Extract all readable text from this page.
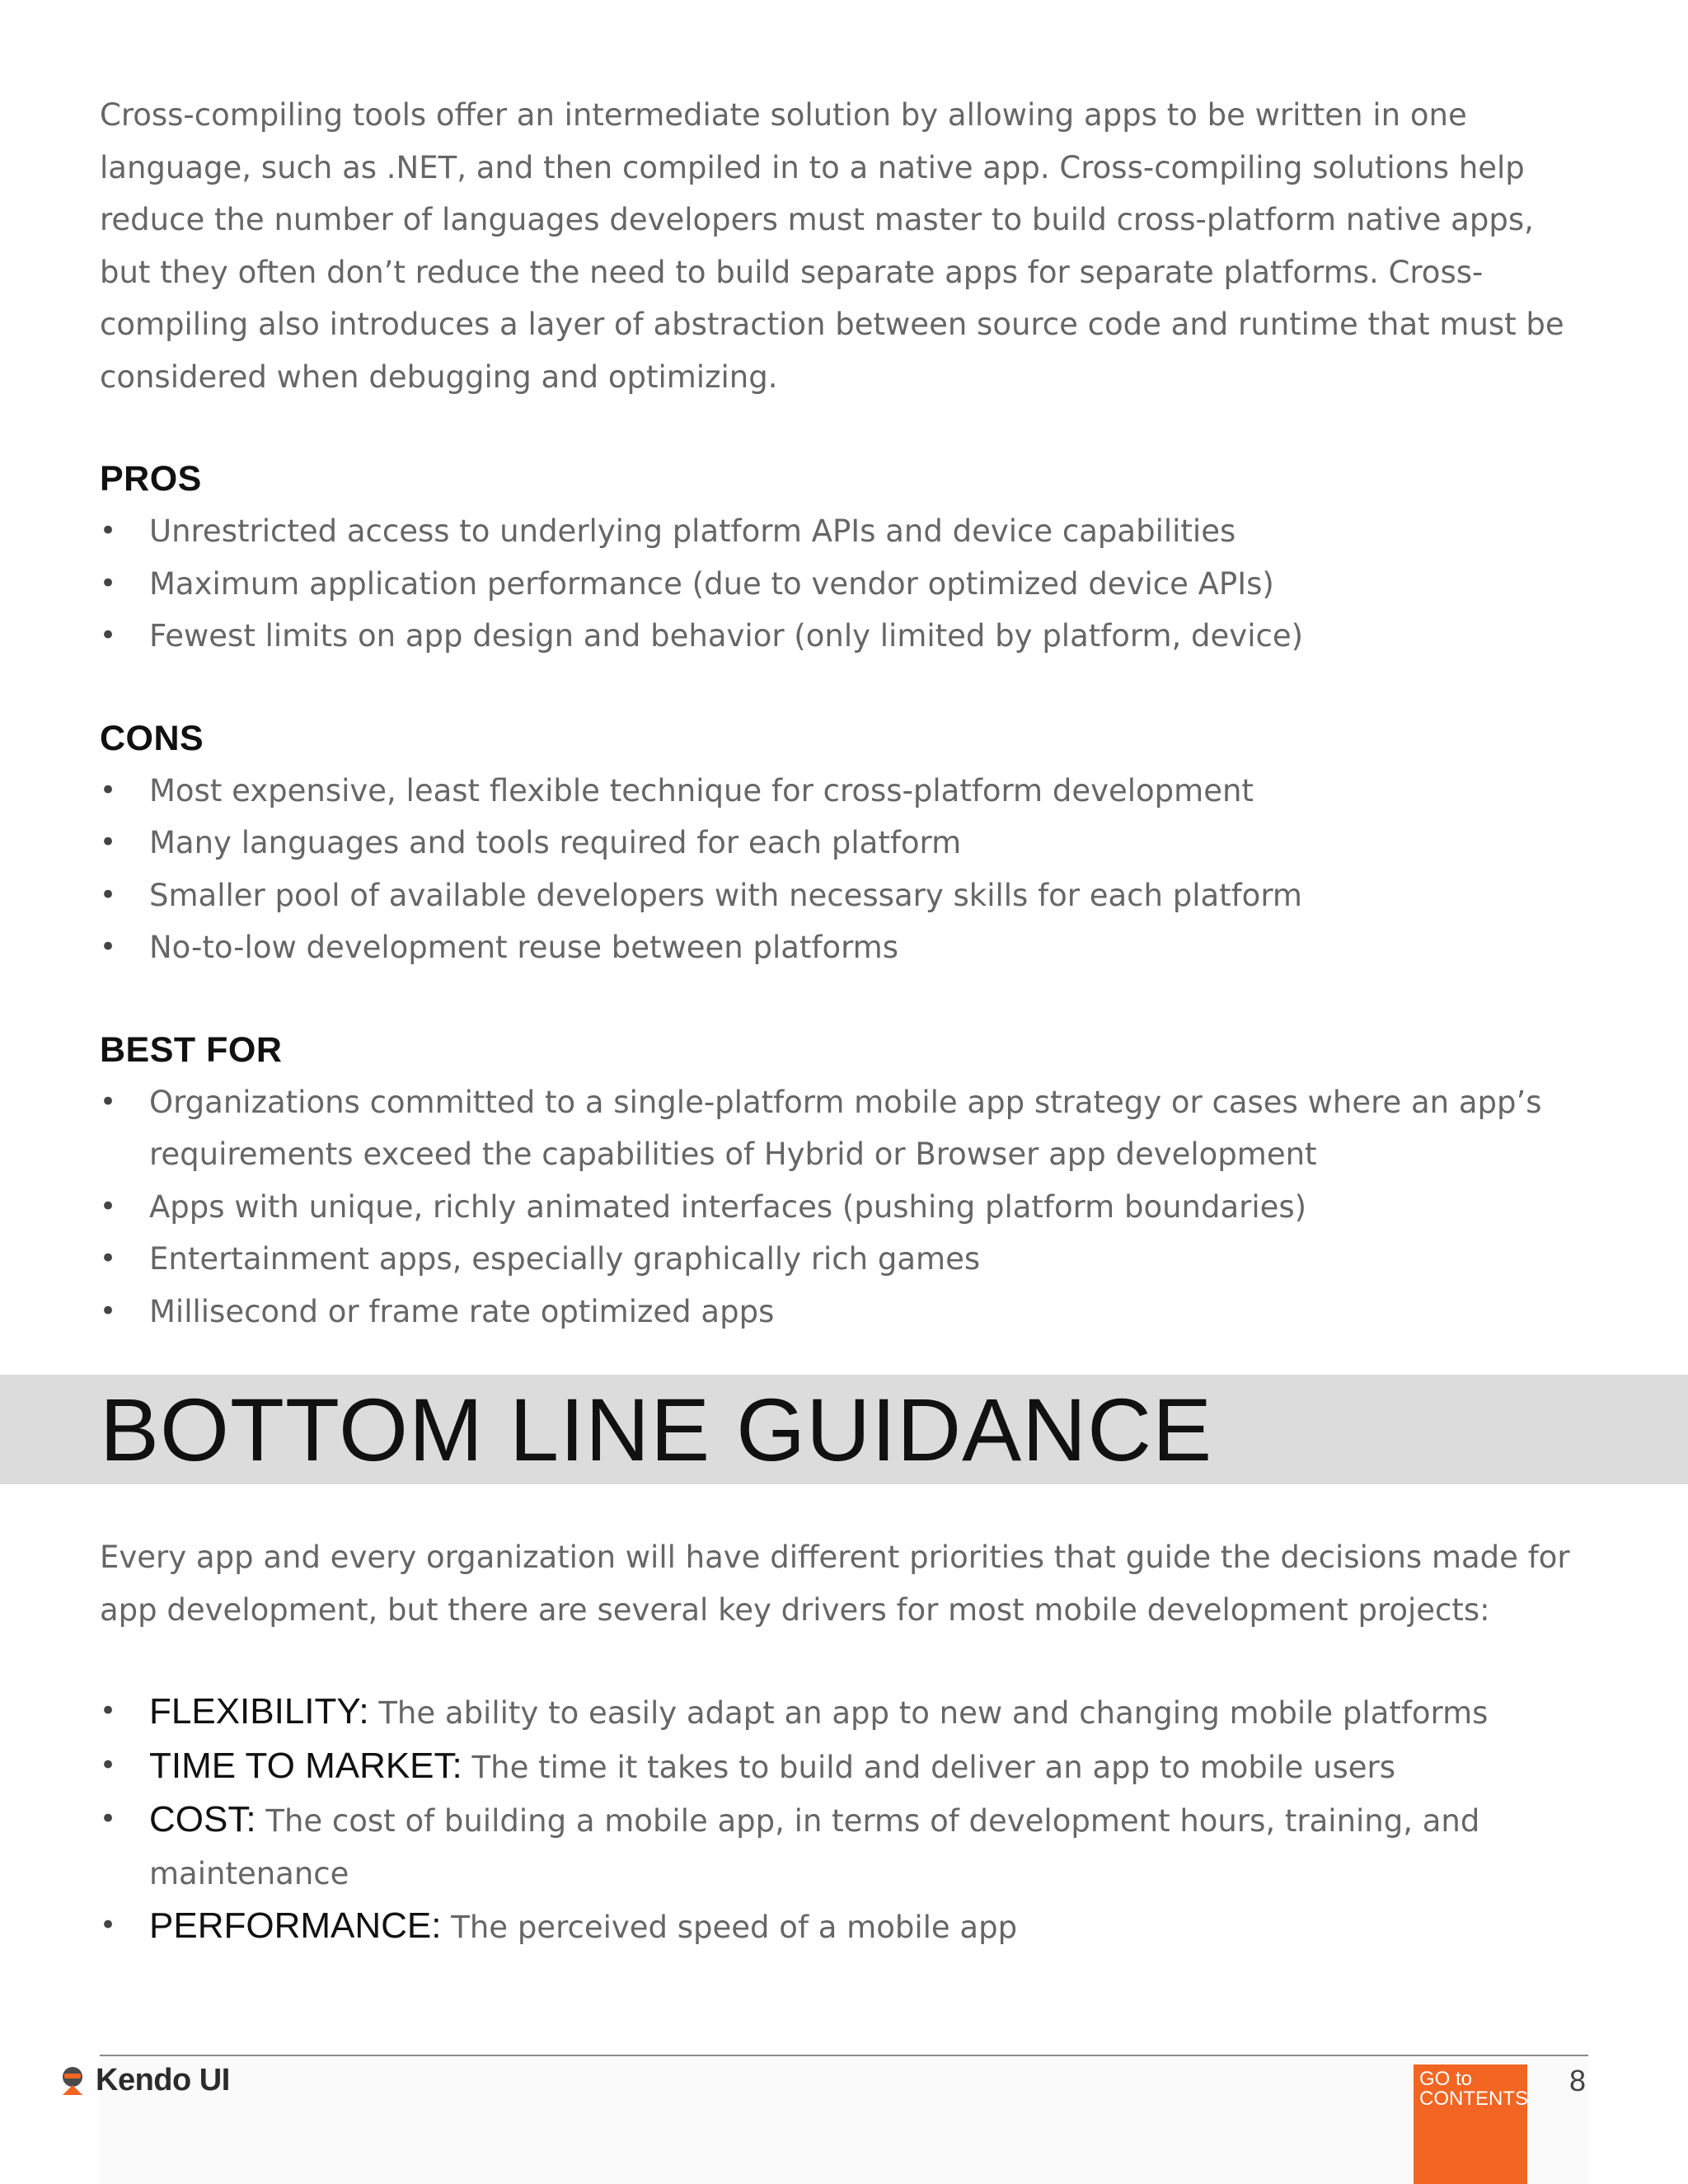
Cross-compiling tools offer an intermediate solution by allowing apps to be written in one language, such as .NET, and then compiled in to a native app. Cross-compiling solutions help reduce the number of languages developers must master to build cross-platform native apps, but they often don’t reduce the need to build separate apps for separate platforms. Cross-compiling also introduces a layer of abstraction between source code and runtime that must be considered when debugging and optimizing.

PROS
• Unrestricted access to underlying platform APIs and device capabilities
• Maximum application performance (due to vendor optimized device APIs)
• Fewest limits on app design and behavior (only limited by platform, device)
CONS
• Most expensive, least flexible technique for cross-platform development
• Many languages and tools required for each platform
• Smaller pool of available developers with necessary skills for each platform
• No-to-low development reuse between platforms
BEST FOR
• Organizations committed to a single-platform mobile app strategy or cases where an app’s requirements exceed the capabilities of Hybrid or Browser app development
• Apps with unique, richly animated interfaces (pushing platform boundaries)
• Entertainment apps, especially graphically rich games
• Millisecond or frame rate optimized apps
BOTTOM LINE GUIDANCE

Every app and every organization will have different priorities that guide the decisions made for app development, but there are several key drivers for most mobile development projects:

• FLEXIBILITY: The ability to easily adapt an app to new and changing mobile platforms
• TIME TO MARKET: The time it takes to build and deliver an app to mobile users
• COST: The cost of building a mobile app, in terms of development hours, training, and maintenance
• PERFORMANCE: The perceived speed of a mobile app
Kendo UI	GO to
CONTENTS
8
